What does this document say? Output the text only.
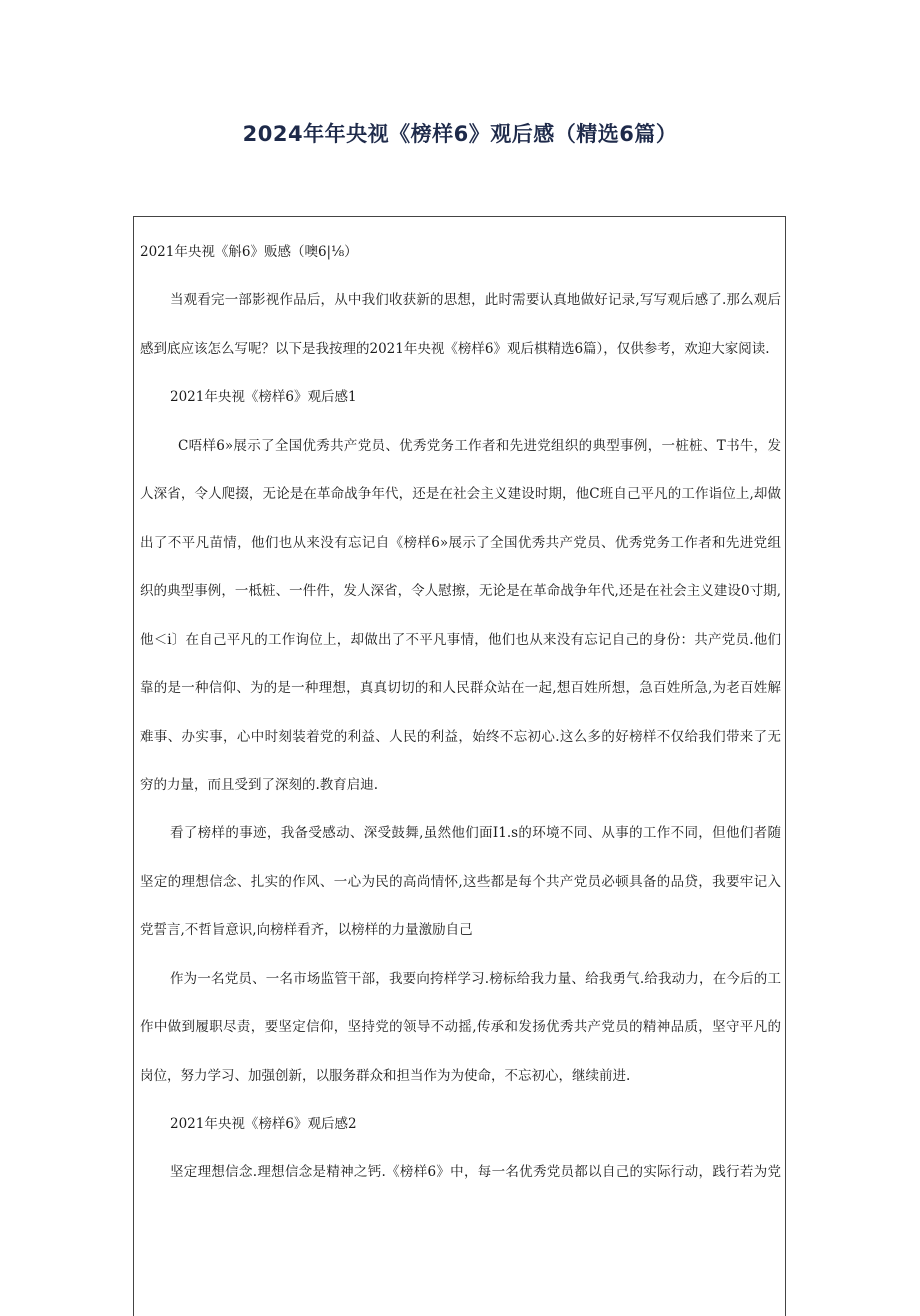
2024年年央视《榜样6》观后感（精选6篇）
2021年央视《斛6》贩感（噢6|⅛）
当观看完一部影视作品后，从中我们收获新的思想，此时需要认真地做好记录,写写观后感了.那么观后
感到底应该怎么写呢？以下是我按理的2021年央视《榜样6》观后棋精选6篇），仅供参考，欢迎大家阅读.
2021年央视《榜样6》观后感1
C唔样6»展示了全国优秀共产党员、优秀党务工作者和先进党组织的典型事例，一桩桩、T书牛，发
人深省，令人爬掇，无论是在革命战争年代，还是在社会主义建设时期，他C班自己平凡的工作诣位上,却做
出了不平凡苗情，他们也从来没有忘记自《榜样6»展示了全国优秀共产党员、优秀党务工作者和先进党组
织的典型事例，一柢桩、一件件，发人深省，令人慰擦，无论是在革命战争年代,还是在社会主义建设0寸期,
他＜i〕在自己平凡的工作询位上，却做出了不平凡事情，他们也从来没有忘记自己的身份：共产党员.他们
靠的是一种信仰、为的是一种理想，真真切切的和人民群众站在一起,想百姓所想，急百姓所急,为老百姓解
难事、办实事，心中时刻装着党的利益、人民的利益，始终不忘初心.这么多的好榜样不仅给我们带来了无
穷的力量，而且受到了深刻的.教育启迪.
看了榜样的事迹，我备受感动、深受鼓舞,虽然他们面I1.s的环境不同、从事的工作不同，但他们者随
坚定的理想信念、扎实的作风、一心为民的高尚情怀,这些都是每个共产党员必顿具备的品贷，我要牢记入
党誓言,不哲旨意识,向榜样看齐，以榜样的力量激励自己
作为一名党员、一名市场监管干部，我要向挎样学习.榜标给我力量、给我勇气.给我动力，在今后的工
作中做到履职尽责，要坚定信仰，坚持党的领导不动摇,传承和发扬优秀共产党员的精神品质，坚守平凡的
岗位，努力学习、加强创新，以服务群众和担当作为为使命，不忘初心，继续前进.
2021年央视《榜样6》观后感2
坚定理想信念.理想信念是精神之钙.《榜样6》中，每一名优秀党员都以自己的实际行动，践行若为党
